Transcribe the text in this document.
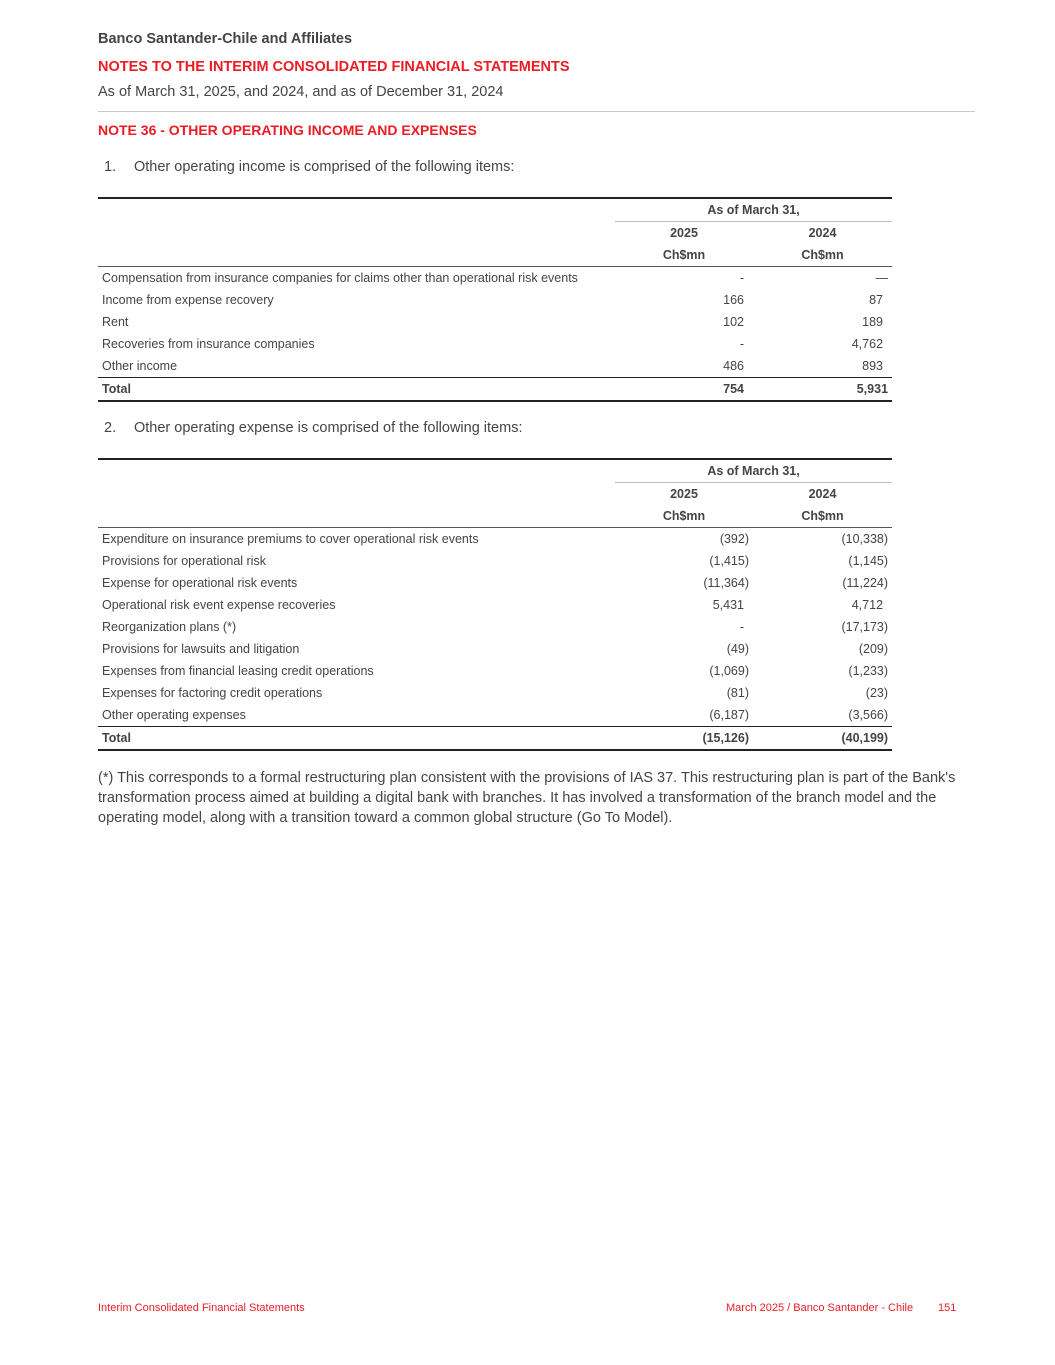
Banco Santander-Chile and Affiliates
NOTES TO THE INTERIM CONSOLIDATED FINANCIAL STATEMENTS
As of March 31, 2025, and 2024, and as of December 31, 2024
NOTE 36 - OTHER OPERATING INCOME AND EXPENSES
1. Other operating income is comprised of the following items:
	As of March 31,	
	2025	2024
	Ch$mn	Ch$mn
Compensation from insurance companies for claims other than operational risk events	-	—
Income from expense recovery	166	87
Rent	102	189
Recoveries from insurance companies	-	4,762
Other income	486	893
Total	754	5,931
2. Other operating expense is comprised of the following items:
	As of March 31,	
	2025	2024
	Ch$mn	Ch$mn
Expenditure on insurance premiums to cover operational risk events	(392)	(10,338)
Provisions for operational risk	(1,415)	(1,145)
Expense for operational risk events	(11,364)	(11,224)
Operational risk event expense recoveries	5,431	4,712
Reorganization plans (*)	-	(17,173)
Provisions for lawsuits and litigation	(49)	(209)
Expenses from financial leasing credit operations	(1,069)	(1,233)
Expenses for factoring credit operations	(81)	(23)
Other operating expenses	(6,187)	(3,566)
Total	(15,126)	(40,199)
(*) This corresponds to a formal restructuring plan consistent with the provisions of IAS 37. This restructuring plan is part of the Bank's transformation process aimed at building a digital bank with branches. It has involved a transformation of the branch model and the operating model, along with a transition toward a common global structure (Go To Model).
Interim Consolidated Financial Statements	March 2025 / Banco Santander - Chile 151
